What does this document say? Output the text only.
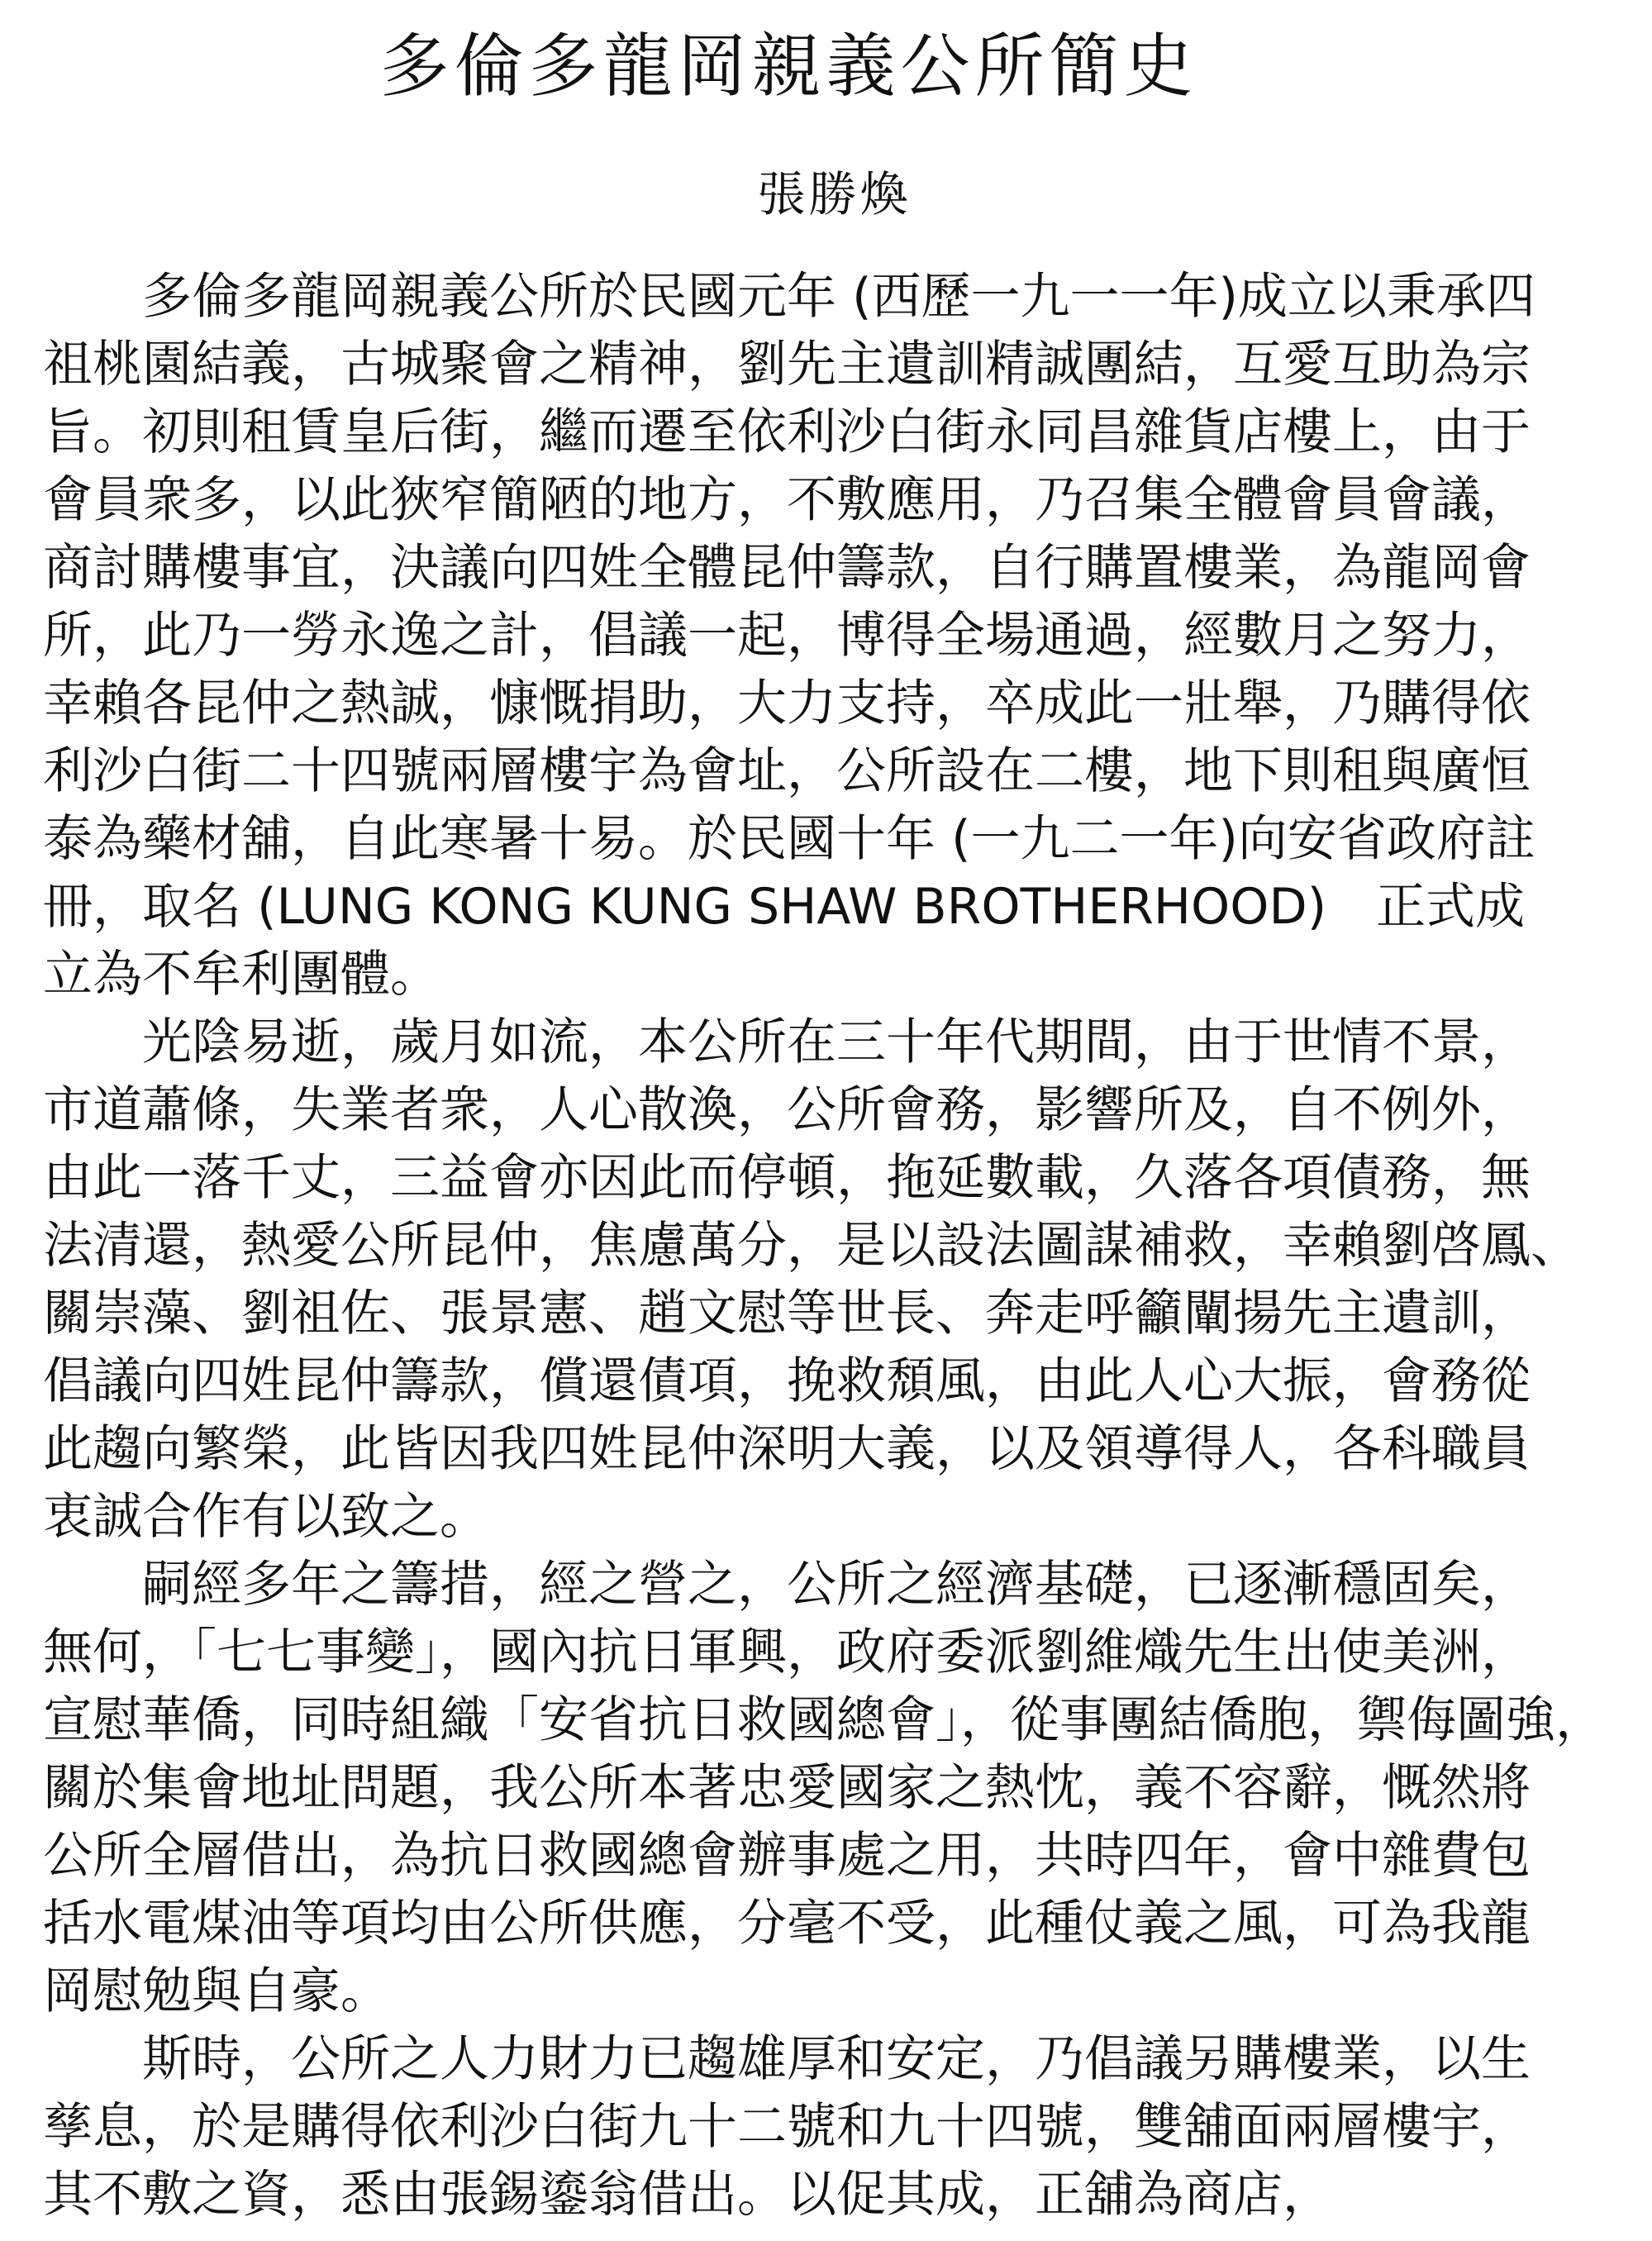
多倫多龍岡親義公所簡史
張勝煥
多倫多龍岡親義公所於民國元年 (西歷一九一一年)成立以秉承四
祖桃園結義，古城聚會之精神，劉先主遺訓精誠團結，互愛互助為宗
旨。初則租賃皇后街，繼而遷至依利沙白街永同昌雜貨店樓上，由于
會員衆多，以此狹窄簡陋的地方，不敷應用，乃召集全體會員會議，
商討購樓事宜，決議向四姓全體昆仲籌款，自行購置樓業，為龍岡會
所，此乃一勞永逸之計，倡議一起，博得全場通過，經數月之努力，
幸賴各昆仲之熱誠，慷慨捐助，大力支持，卒成此一壯舉，乃購得依
利沙白街二十四號兩層樓宇為會址，公所設在二樓，地下則租與廣恒
泰為藥材舖，自此寒暑十易。於民國十年 (一九二一年)向安省政府註
冊，取名 (LUNG KONG KUNG SHAW BROTHERHOOD)　正式成
立為不牟利團體。
光陰易逝，歲月如流，本公所在三十年代期間，由于世情不景，
市道蕭條，失業者衆，人心散渙，公所會務，影響所及，自不例外，
由此一落千丈，三益會亦因此而停頓，拖延數載，久落各項債務，無
法清還，熱愛公所昆仲，焦慮萬分，是以設法圖謀補救，幸賴劉啓鳳、
關崇藻、劉祖佐、張景憲、趙文慰等世長、奔走呼籲闡揚先主遺訓，
倡議向四姓昆仲籌款，償還債項，挽救頹風，由此人心大振，會務從
此趨向繁榮，此皆因我四姓昆仲深明大義，以及領導得人，各科職員
衷誠合作有以致之。
嗣經多年之籌措，經之營之，公所之經濟基礎，已逐漸穩固矣，
無何，「七七事變」，國內抗日軍興，政府委派劉維熾先生出使美洲，
宣慰華僑，同時組織「安省抗日救國總會」，從事團結僑胞，禦侮圖強，
關於集會地址問題，我公所本著忠愛國家之熱忱，義不容辭，慨然將
公所全層借出，為抗日救國總會辦事處之用，共時四年，會中雜費包
括水電煤油等項均由公所供應，分毫不受，此種仗義之風，可為我龍
岡慰勉與自豪。
斯時，公所之人力財力已趨雄厚和安定，乃倡議另購樓業，以生
孳息，於是購得依利沙白街九十二號和九十四號，雙舖面兩層樓宇，
其不敷之資，悉由張錫鎏翁借出。以促其成，正舖為商店，
